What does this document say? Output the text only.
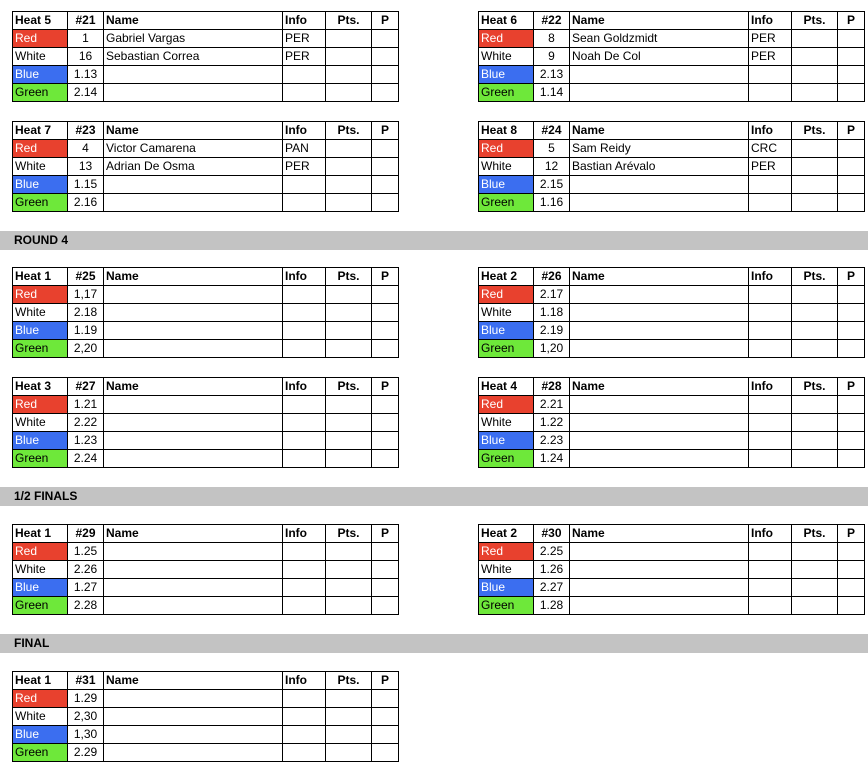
ROUND 4
1/2 FINALS
FINAL
Heat 5	#21	Name	Info	Pts.	P
Red	1	Gabriel Vargas	PER		
White	16	Sebastian Correa	PER		
Blue	1.13				
Green	2.14				
Heat 6	#22	Name	Info	Pts.	P
Red	8	Sean Goldzmidt	PER		
White	9	Noah De Col	PER		
Blue	2.13				
Green	1.14				
Heat 7	#23	Name	Info	Pts.	P
Red	4	Victor Camarena	PAN		
White	13	Adrian De Osma	PER		
Blue	1.15				
Green	2.16				
Heat 8	#24	Name	Info	Pts.	P
Red	5	Sam Reidy	CRC		
White	12	Bastian Arévalo	PER		
Blue	2.15				
Green	1.16				
Heat 1	#25	Name	Info	Pts.	P
Red	1,17				
White	2.18				
Blue	1.19				
Green	2,20				
Heat 2	#26	Name	Info	Pts.	P
Red	2.17				
White	1.18				
Blue	2.19				
Green	1,20				
Heat 3	#27	Name	Info	Pts.	P
Red	1.21				
White	2.22				
Blue	1.23				
Green	2.24				
Heat 4	#28	Name	Info	Pts.	P
Red	2.21				
White	1.22				
Blue	2.23				
Green	1.24				
Heat 1	#29	Name	Info	Pts.	P
Red	1.25				
White	2.26				
Blue	1.27				
Green	2.28				
Heat 2	#30	Name	Info	Pts.	P
Red	2.25				
White	1.26				
Blue	2.27				
Green	1.28				
Heat 1	#31	Name	Info	Pts.	P
Red	1.29				
White	2,30				
Blue	1,30				
Green	2.29				
